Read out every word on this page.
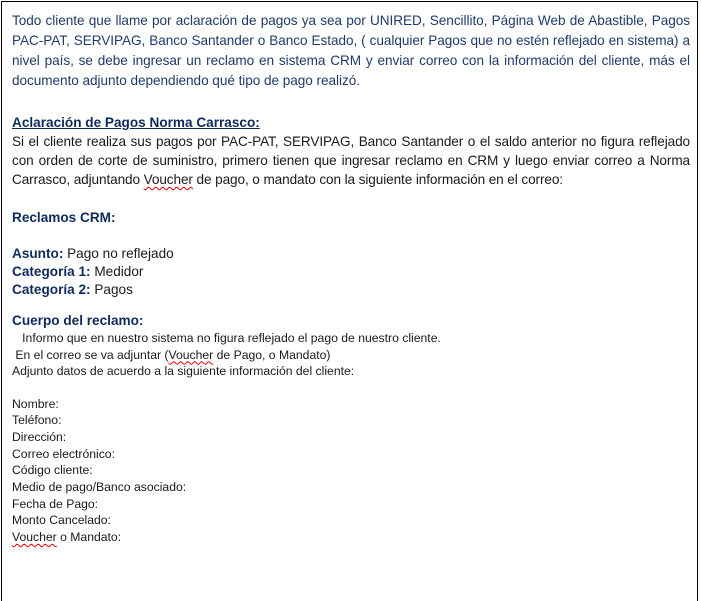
Todo cliente que llame por aclaración de pagos ya sea por UNIRED, Sencillito, Página Web de Abastible, Pagos PAC-PAT, SERVIPAG, Banco Santander o Banco Estado, ( cualquier Pagos que no estén reflejado en sistema) a nivel país, se debe ingresar un reclamo en sistema CRM y enviar correo con la información del cliente, más el documento adjunto dependiendo qué tipo de pago realizó.

Aclaración de Pagos Norma Carrasco:

Si el cliente realiza sus pagos por PAC-PAT, SERVIPAG, Banco Santander o el saldo anterior no figura reflejado con orden de corte de suministro, primero tienen que ingresar reclamo en CRM y luego enviar correo a Norma Carrasco, adjuntando Voucher de pago, o mandato con la siguiente información en el correo:

Reclamos CRM:
Asunto: Pago no reflejado
Categoría 1: Medidor
Categoría 2: Pagos
Cuerpo del reclamo:
Informo que en nuestro sistema no figura reflejado el pago de nuestro cliente.
En el correo se va adjuntar (Voucher de Pago, o Mandato)
Adjunto datos de acuerdo a la siguiente información del cliente:
Nombre:
Teléfono:
Dirección:
Correo electrónico:
Código cliente:
Medio de pago/Banco asociado:
Fecha de Pago:
Monto Cancelado:
Voucher o Mandato:
